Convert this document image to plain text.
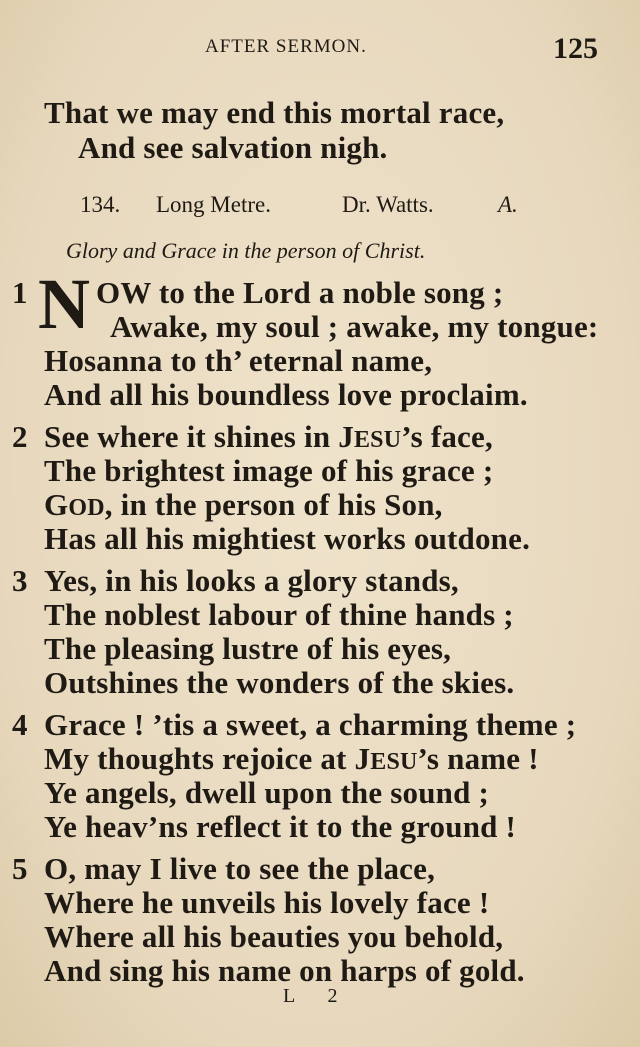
AFTER SERMON.	125
That we may end this mortal race,
And see salvation nigh.
134. Long Metre.	Dr. Watts.	A.
Glory and Grace in the person of Christ.
1 N OW to the Lord a noble song ;
Awake, my soul ; awake, my tongue:
Hosanna to th’ eternal name,
And all his boundless love proclaim.
2 See where it shines in JESU’s face,
The brightest image of his grace ;
GOD, in the person of his Son,
Has all his mightiest works outdone.
3 Yes, in his looks a glory stands,
The noblest labour of thine hands ;
The pleasing lustre of his eyes,
Outshines the wonders of the skies.
4 Grace ! ’tis a sweet, a charming theme ;
My thoughts rejoice at JESU’s name !
Ye angels, dwell upon the sound ;
Ye heav’ns reflect it to the ground !
5 O, may I live to see the place,
Where he unveils his lovely face !
Where all his beauties you behold,
And sing his name on harps of gold.
L 2
